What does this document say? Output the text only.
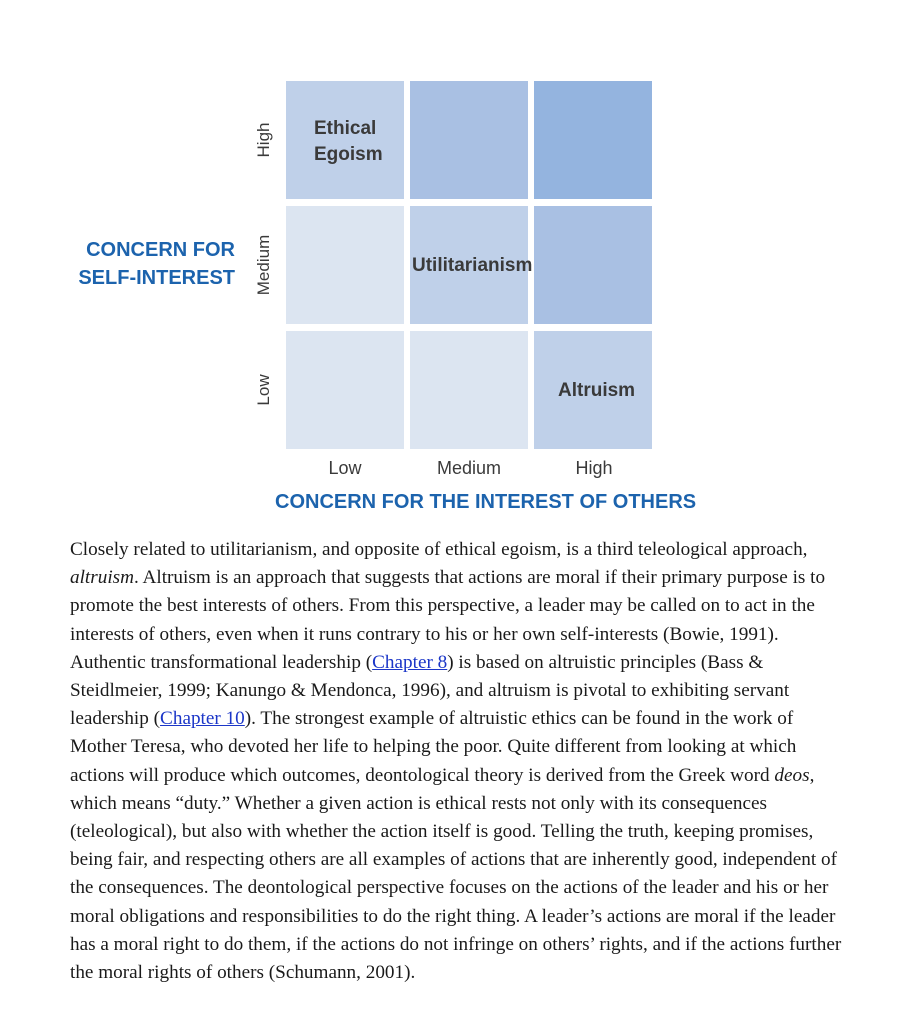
Ethical
Egoism
Utilitarianism
Altruism
High
Medium
Low
Low	Medium	High
CONCERN FOR
SELF-INTEREST
CONCERN FOR THE INTEREST OF OTHERS

Closely related to utilitarianism, and opposite of ethical egoism, is a third teleological approach, altruism. Altruism is an approach that suggests that actions are moral if their primary purpose is to promote the best interests of others. From this perspective, a leader may be called on to act in the interests of others, even when it runs contrary to his or her own self-interests (Bowie, 1991). Authentic transformational leadership (Chapter 8) is based on altruistic principles (Bass & Steidlmeier, 1999; Kanungo & Mendonca, 1996), and altruism is pivotal to exhibiting servant leadership (Chapter 10). The strongest example of altruistic ethics can be found in the work of Mother Teresa, who devoted her life to helping the poor. Quite different from looking at which actions will produce which outcomes, deontological theory is derived from the Greek word deos, which means “duty.” Whether a given action is ethical rests not only with its consequences (teleological), but also with whether the action itself is good. Telling the truth, keeping promises, being fair, and respecting others are all examples of actions that are inherently good, independent of the consequences. The deontological perspective focuses on the actions of the leader and his or her moral obligations and responsibilities to do the right thing. A leader’s actions are moral if the leader has a moral right to do them, if the actions do not infringe on others’ rights, and if the actions further the moral rights of others (Schumann, 2001).
